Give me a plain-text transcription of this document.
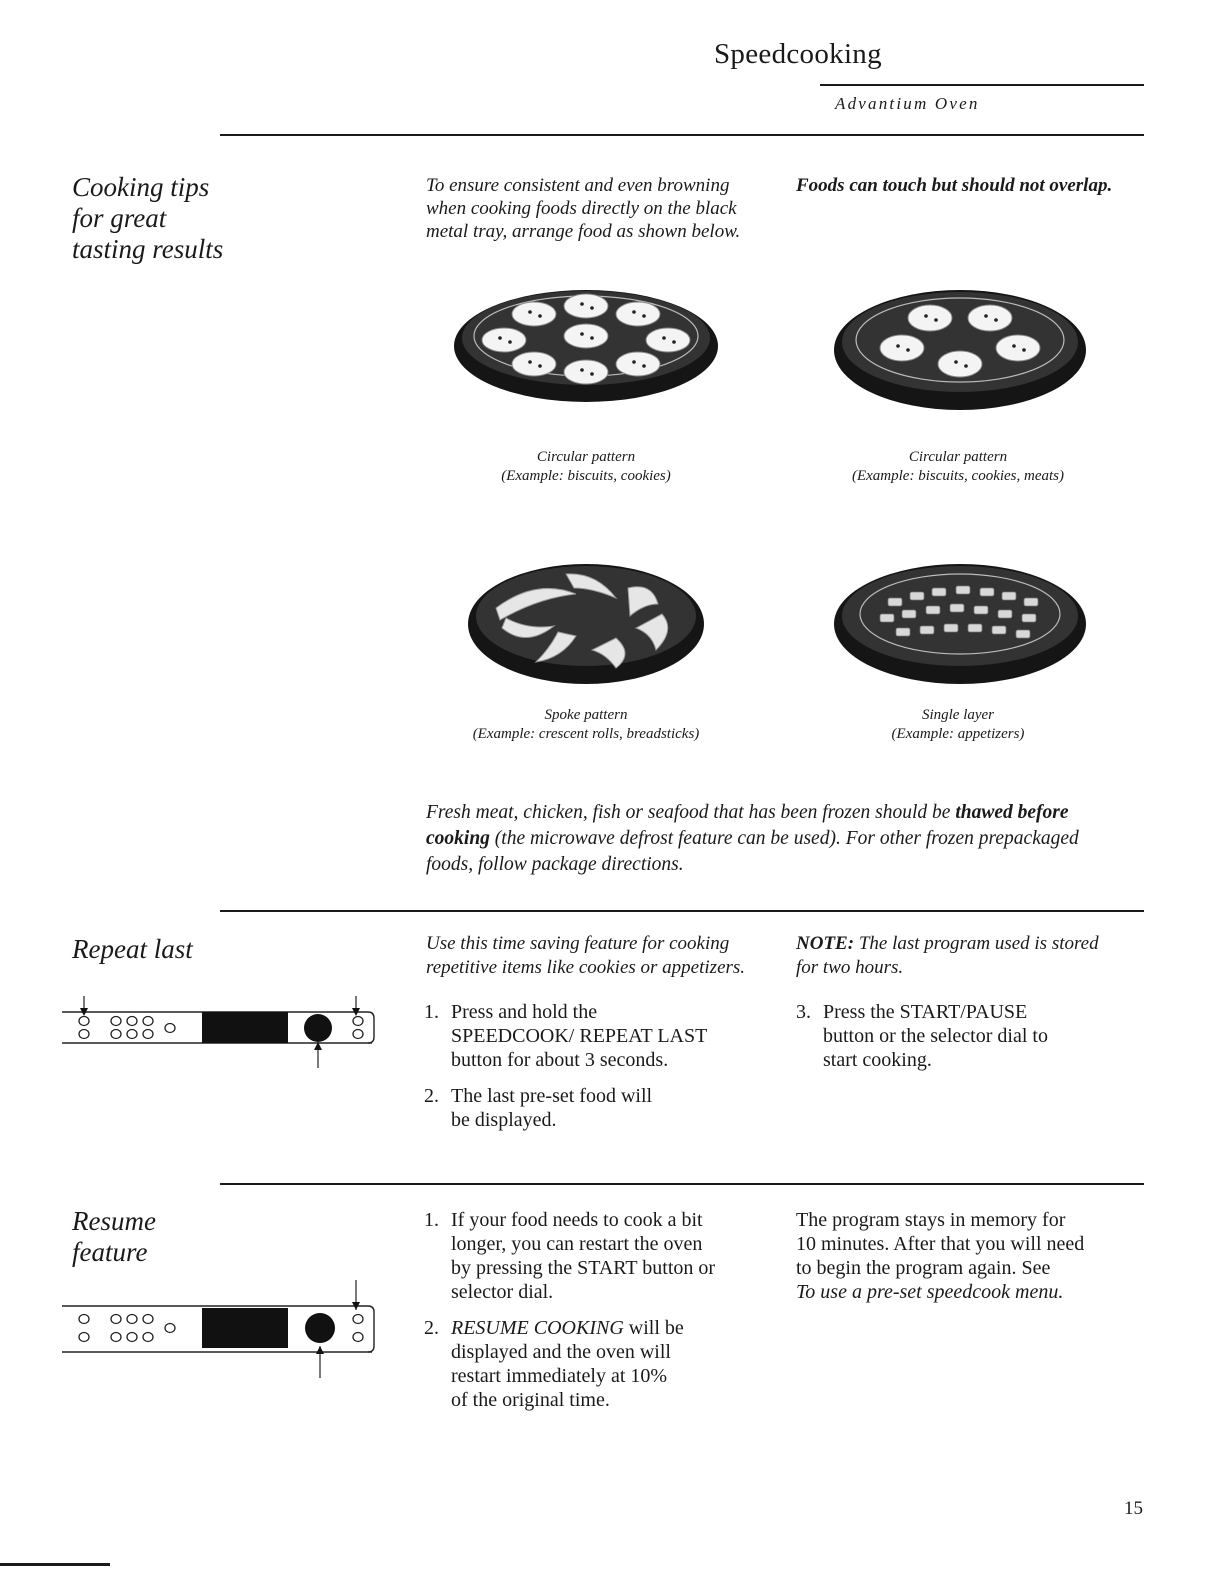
Speedcooking
Advantium Oven
Cooking tips
for great
tasting results
To ensure consistent and even browning
when cooking foods directly on the black
metal tray, arrange food as shown below.
Foods can touch but should not overlap.
Circular pattern
(Example: biscuits, cookies)
Circular pattern
(Example: biscuits, cookies, meats)
Spoke pattern
(Example: crescent rolls, breadsticks)
Single layer
(Example: appetizers)
Fresh meat, chicken, fish or seafood that has been frozen should be thawed before cooking (the microwave defrost feature can be used). For other frozen prepackaged foods, follow package directions.
Repeat last	Use this time saving feature for cooking
repetitive items like cookies or appetizers.
NOTE: The last program used is stored
for two hours.
1. Press and hold the
SPEEDCOOK/ REPEAT LAST
button for about 3 seconds.
2. The last pre-set food will
be displayed.
3. Press the START/PAUSE
button or the selector dial to
start cooking.
Resume
feature
1. If your food needs to cook a bit
longer, you can restart the oven
by pressing the START button or
selector dial.
2. RESUME COOKING will be
displayed and the oven will
restart immediately at 10%
of the original time.
The program stays in memory for
10 minutes. After that you will need
to begin the program again. See
To use a pre-set speedcook menu.
15
